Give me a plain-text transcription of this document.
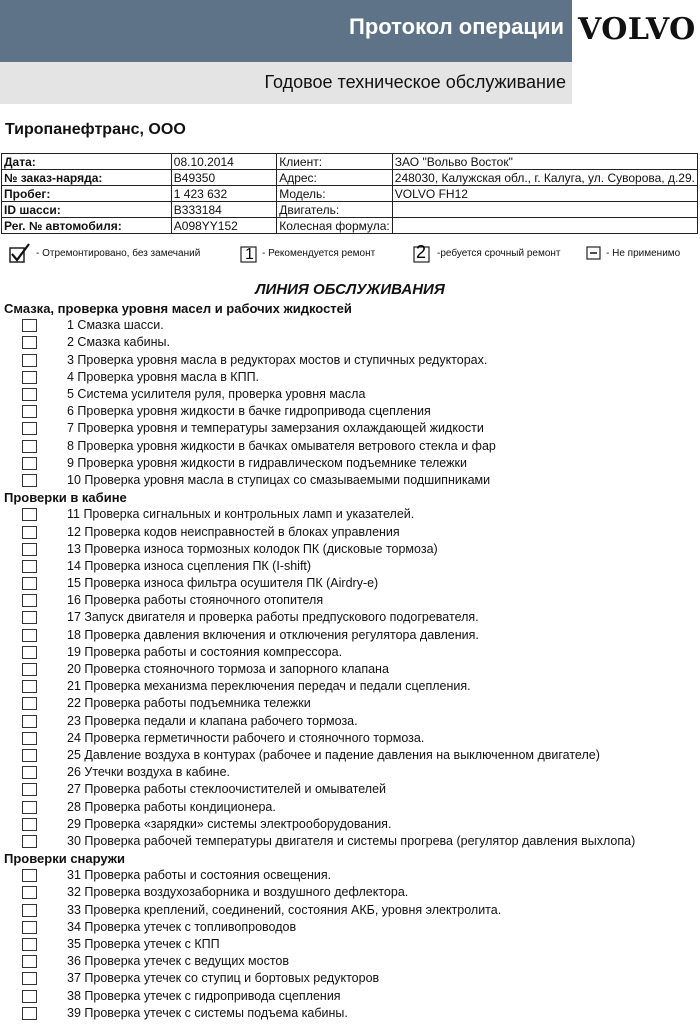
Протокол операции VOLVO
Годовое техническое обслуживание
Тиропанефтранс, ООО
Дата:	08.10.2014	Клиент:	ЗАО "Вольво Восток"
№ заказ-наряда:	B49350	Адрес:	248030, Калужская обл., г. Калуга, ул. Суворова, д.29.
Пробег:	1 423 632	Модель:	VOLVO FH12
ID шасси:	B333184	Двигатель:	
Рег. № автомобиля:	A098YY152	Колесная формула:	
- Отремонтировано, без замечаний	1 - Рекомендуется ремонт 2 -ребуется срочный ремонт	- Не применимо
ЛИНИЯ ОБСЛУЖИВАНИЯ
Смазка, проверка уровня масел и рабочих жидкостей
1 Смазка шасси.
2 Смазка кабины.
3 Проверка уровня масла в редукторах мостов и ступичных редукторах.
4 Проверка уровня масла в КПП.
5 Система усилителя руля, проверка уровня масла
6 Проверка уровня жидкости в бачке гидропривода сцепления
7 Проверка уровня и температуры замерзания охлаждающей жидкости
8 Проверка уровня жидкости в бачках омывателя ветрового стекла и фар
9 Проверка уровня жидкости в гидравлическом подъемнике тележки
10 Проверка уровня масла в ступицах со смазываемыми подшипниками
Проверки в кабине
11 Проверка сигнальных и контрольных ламп и указателей.
12 Проверка кодов неисправностей в блоках управления
13 Проверка износа тормозных колодок ПК (дисковые тормоза)
14 Проверка износа сцепления ПК (I-shift)
15 Проверка износа фильтра осушителя ПК (Airdry-e)
16 Проверка работы стояночного отопителя
17 Запуск двигателя и проверка работы предпускового подогревателя.
18 Проверка давления включения и отключения регулятора давления.
19 Проверка работы и состояния компрессора.
20 Проверка стояночного тормоза и запорного клапана
21 Проверка механизма переключения передач и педали сцепления.
22 Проверка работы подъемника тележки
23 Проверка педали и клапана рабочего тормоза.
24 Проверка герметичности рабочего и стояночного тормоза.
25 Давление воздуха в контурах (рабочее и падение давления на выключенном двигателе)
26 Утечки воздуха в кабине.
27 Проверка работы стеклоочистителей и омывателей
28 Проверка работы кондиционера.
29 Проверка «зарядки» системы электрооборудования.
30 Проверка рабочей температуры двигателя и системы прогрева (регулятор давления выхлопа)
Проверки снаружи
31 Проверка работы и состояния освещения.
32 Проверка воздухозаборника и воздушного дефлектора.
33 Проверка креплений, соединений, состояния АКБ, уровня электролита.
34 Проверка утечек с топливопроводов
35 Проверка утечек с КПП
36 Проверка утечек с ведущих мостов
37 Проверка утечек со ступиц и бортовых редукторов
38 Проверка утечек с гидропривода сцепления
39 Проверка утечек с системы подъема кабины.
